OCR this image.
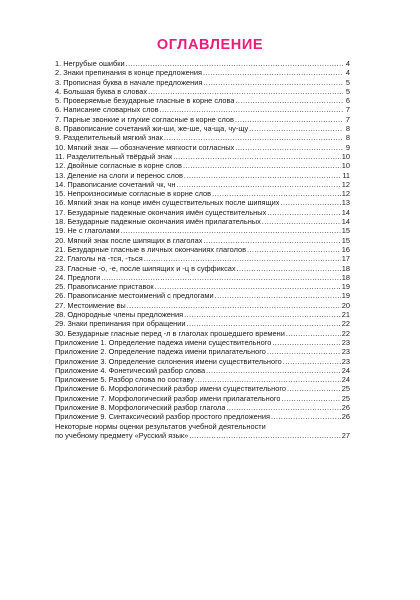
ОГЛАВЛЕНИЕ
1. Негрубые ошибки .....	4
2. Знаки препинания в конце предложения .....	4
3. Прописная буква в начале предложения .....	5
4. Большая буква в словах .....	5
5. Проверяемые безударные гласные в корне слова .....	6
6. Написание словарных слов .....	7
7. Парные звонкие и глухие согласные в корне слов .....	7
8. Правописание сочетаний жи-ши, же-ше, ча-ща, чу-щу .....	8
9. Разделительный мягкий знак .....	8
10. Мягкий знак — обозначение мягкости согласных .....	9
11. Разделительный твёрдый знак .....	10
12. Двойные согласные в корне слов .....	10
13. Деление на слоги и перенос слов .....	11
14. Правописание сочетаний чк, чн .....	12
15. Непроизносимые согласные в корне слов .....	12
16. Мягкий знак на конце имён существительных после шипящих .....	13
17. Безударные падежные окончания имён существительных .....	14
18. Безударные падежные окончания имён прилагательных .....	14
19. Не с глаголами .....	15
20. Мягкий знак после шипящих в глаголах .....	15
21. Безударные гласные в личных окончаниях глаголов .....	16
22. Глаголы на -тся, -ться .....	17
23. Гласные -о, -е, после шипящих и -ц в суффиксах .....	18
24. Предлоги .....	18
25. Правописание приставок .....	19
26. Правописание местоимений с предлогами .....	19
27. Местоимение вы .....	20
28. Однородные члены предложения .....	21
29. Знаки препинания при обращении .....	22
30. Безударные гласные перед -л в глаголах прошедшего времени .....	22
Приложение 1. Определение падежа имени существительного .....	23
Приложение 2. Определение падежа имени прилагательного .....	23
Приложение 3. Определение склонения имени существительного .....	23
Приложение 4. Фонетический разбор слова .....	24
Приложение 5. Разбор слова по составу .....	24
Приложение 6. Морфологический разбор имени существительного .....	25
Приложение 7. Морфологический разбор имени прилагательного .....	25
Приложение 8. Морфологический разбор глагола .....	26
Приложение 9. Синтаксический разбор простого предложения .....	26
Некоторые нормы оценки результатов учебной деятельности
по учебному предмету «Русский язык» .....	27
